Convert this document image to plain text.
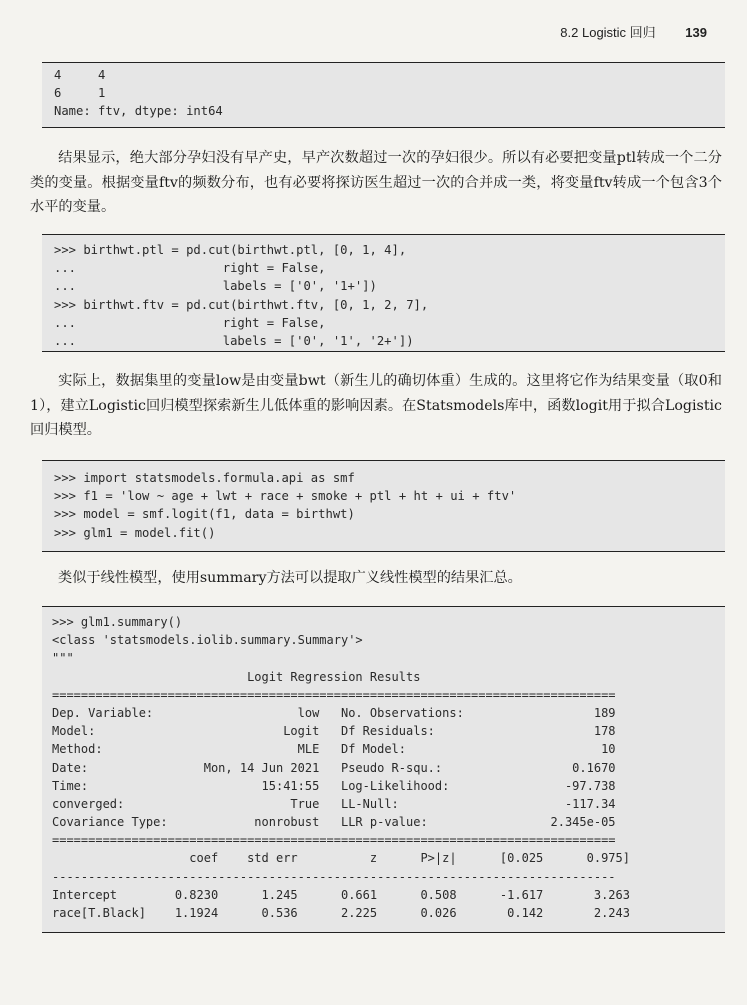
8.2 Logistic 回归 139
4     4
6     1
Name: ftv, dtype: int64
结果显示，绝大部分孕妇没有早产史，早产次数超过一次的孕妇很少。所以有必要把变量ptl转成一个二分类的变量。根据变量ftv的频数分布，也有必要将探访医生超过一次的合并成一类，将变量ftv转成一个包含3个水平的变量。
>>> birthwt.ptl = pd.cut(birthwt.ptl, [0, 1, 4],
...                    right = False,
...                    labels = ['0', '1+'])
>>> birthwt.ftv = pd.cut(birthwt.ftv, [0, 1, 2, 7],
...                    right = False,
...                    labels = ['0', '1', '2+'])
实际上，数据集里的变量low是由变量bwt（新生儿的确切体重）生成的。这里将它作为结果变量（取0和1），建立Logistic回归模型探索新生儿低体重的影响因素。在Statsmodels库中，函数logit用于拟合Logistic回归模型。
>>> import statsmodels.formula.api as smf
>>> f1 = 'low ~ age + lwt + race + smoke + ptl + ht + ui + ftv'
>>> model = smf.logit(f1, data = birthwt)
>>> glm1 = model.fit()
类似于线性模型，使用summary方法可以提取广义线性模型的结果汇总。
>>> glm1.summary()
<class 'statsmodels.iolib.summary.Summary'>
"""
Logit Regression Results
==============================================================================
Dep. Variable:                    low   No. Observations:                  189
Model:                          Logit   Df Residuals:                      178
Method:                           MLE   Df Model:                           10
Date:                Mon, 14 Jun 2021   Pseudo R-squ.:                  0.1670
Time:                        15:41:55   Log-Likelihood:                -97.738
converged:                       True   LL-Null:                       -117.34
Covariance Type:            nonrobust   LLR p-value:                 2.345e-05
==============================================================================
coef    std err          z      P>|z|      [0.025      0.975]
------------------------------------------------------------------------------
Intercept        0.8230      1.245      0.661      0.508      -1.617       3.263
race[T.Black]    1.1924      0.536      2.225      0.026       0.142       2.243
